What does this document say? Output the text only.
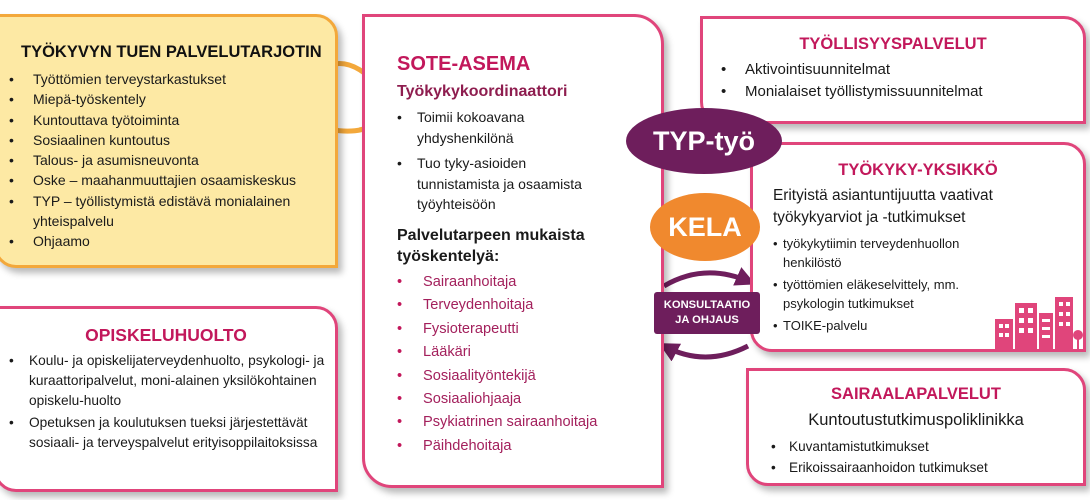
TYÖKYVYN TUEN PALVELUTARJOTIN
• Työttömien terveystarkastukset
• Miepä-työskentely
• Kuntouttava työtoiminta
• Sosiaalinen kuntoutus
• Talous- ja asumisneuvonta
• Oske – maahanmuuttajien osaamiskeskus
• TYP – työllistymistä edistävä monialainen yhteispalvelu
• Ohjaamo
OPISKELUHUOLTO
• Koulu- ja opiskelijaterveydenhuolto, psykologi- ja kuraattoripalvelut, moni-alainen yksilökohtainen opiskelu-huolto
• Opetuksen ja koulutuksen tueksi järjestettävät sosiaali- ja terveyspalvelut erityisoppilaitoksissa
SOTE-ASEMA
Työkykykoordinaattori
• Toimii kokoavana yhdyshenkilönä
• Tuo tyky-asioiden tunnistamista ja osaamista työyhteisöön
Palvelutarpeen mukaista työskentelyä:
• Sairaanhoitaja
• Terveydenhoitaja
• Fysioterapeutti
• Lääkäri
• Sosiaalityöntekijä
• Sosiaaliohjaaja
• Psykiatrinen sairaanhoitaja
• Päihdehoitaja
TYÖLLISYYSPALVELUT
• Aktivointisuunnitelmat
• Monialaiset työllistymissuunnitelmat
TYÖKYKY-YKSIKKÖ
Erityistä asiantuntijuutta vaativat työkykyarviot ja -tutkimukset
• työkykytiimin terveydenhuollon henkilöstö
• työttömien eläkeselvittely, mm. psykologin tutkimukset
• TOIKE-palvelu
SAIRAALAPALVELUT
Kuntoutustutkimuspoliklinikka
• Kuvantamistutkimukset
• Erikoissairaanhoidon tutkimukset
TYP-työ
KELA
KONSULTAATIO
JA OHJAUS
